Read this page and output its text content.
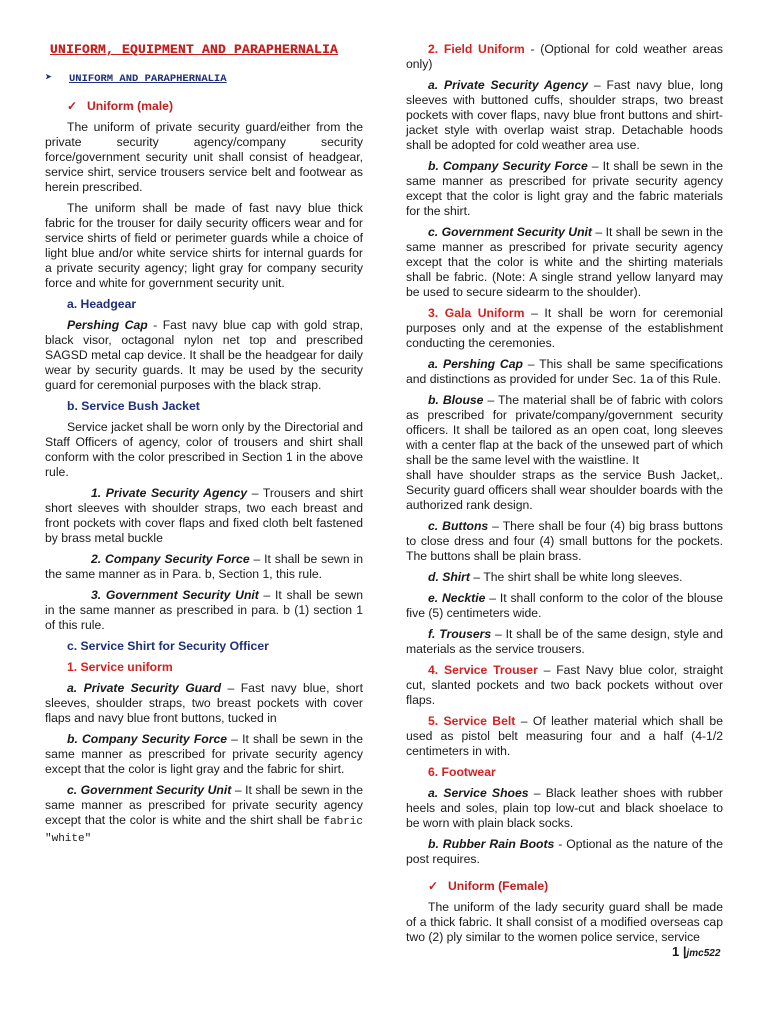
UNIFORM, EQUIPMENT AND PARAPHERNALIA
➤ UNIFORM AND PARAPHERNALIA
✓ Uniform (male)

The uniform of private security guard/either from the private security agency/company security force/government security unit shall consist of headgear, service shirt, service trousers service belt and footwear as herein prescribed.

The uniform shall be made of fast navy blue thick fabric for the trouser for daily security officers wear and for service shirts of field or perimeter guards while a choice of light blue and/or white service shirts for internal guards for a private security agency; light gray for company security force and white for government security unit.

a. Headgear

Pershing Cap - Fast navy blue cap with gold strap, black visor, octagonal nylon net top and prescribed SAGSD metal cap device. It shall be the headgear for daily wear by security guards. It may be used by the security guard for ceremonial purposes with the black strap.

b. Service Bush Jacket

Service jacket shall be worn only by the Directorial and Staff Officers of agency, color of trousers and shirt shall conform with the color prescribed in Section 1 in the above rule.

1. Private Security Agency – Trousers and shirt short sleeves with shoulder straps, two each breast and front pockets with cover flaps and fixed cloth belt fastened by brass metal buckle

2. Company Security Force – It shall be sewn in the same manner as in Para. b, Section 1, this rule.

3. Government Security Unit – It shall be sewn in the same manner as prescribed in para. b (1) section 1 of this rule.

c. Service Shirt for Security Officer

1. Service uniform

a. Private Security Guard – Fast navy blue, short sleeves, shoulder straps, two breast pockets with cover flaps and navy blue front buttons, tucked in

b. Company Security Force – It shall be sewn in the same manner as prescribed for private security agency except that the color is light gray and the fabric for shirt.

c. Government Security Unit – It shall be sewn in the same manner as prescribed for private security agency except that the color is white and the shirt shall be fabric "white"

2. Field Uniform - (Optional for cold weather areas only)

a. Private Security Agency – Fast navy blue, long sleeves with buttoned cuffs, shoulder straps, two breast pockets with cover flaps, navy blue front buttons and shirt-jacket style with overlap waist strap. Detachable hoods shall be adopted for cold weather area use.

b. Company Security Force – It shall be sewn in the same manner as prescribed for private security agency except that the color is light gray and the fabric materials for the shirt.

c. Government Security Unit – It shall be sewn in the same manner as prescribed for private security agency except that the color is white and the shirting materials shall be fabric. (Note: A single strand yellow lanyard may be used to secure sidearm to the shoulder).

3. Gala Uniform – It shall be worn for ceremonial purposes only and at the expense of the establishment conducting the ceremonies.

a. Pershing Cap – This shall be same specifications and distinctions as provided for under Sec. 1a of this Rule.

b. Blouse – The material shall be of fabric with colors as prescribed for private/company/government security officers. It shall be tailored as an open coat, long sleeves with a center flap at the back of the unsewed part of which shall be the same level with the waistline. It
shall have shoulder straps as the service Bush Jacket,. Security guard officers shall wear shoulder boards with the authorized rank design.

c. Buttons – There shall be four (4) big brass buttons to close dress and four (4) small buttons for the pockets. The buttons shall be plain brass.

d. Shirt – The shirt shall be white long sleeves.

e. Necktie – It shall conform to the color of the blouse five (5) centimeters wide.

f. Trousers – It shall be of the same design, style and materials as the service trousers.

4. Service Trouser – Fast Navy blue color, straight cut, slanted pockets and two back pockets without over flaps.

5. Service Belt – Of leather material which shall be used as pistol belt measuring four and a half (4-1/2 centimeters in with.

6. Footwear

a. Service Shoes – Black leather shoes with rubber heels and soles, plain top low-cut and black shoelace to be worn with plain black socks.

b. Rubber Rain Boots - Optional as the nature of the post requires.

✓ Uniform (Female)

The uniform of the lady security guard shall be made of a thick fabric. It shall consist of a modified overseas cap two (2) ply similar to the women police service, service

1 |jmc522
